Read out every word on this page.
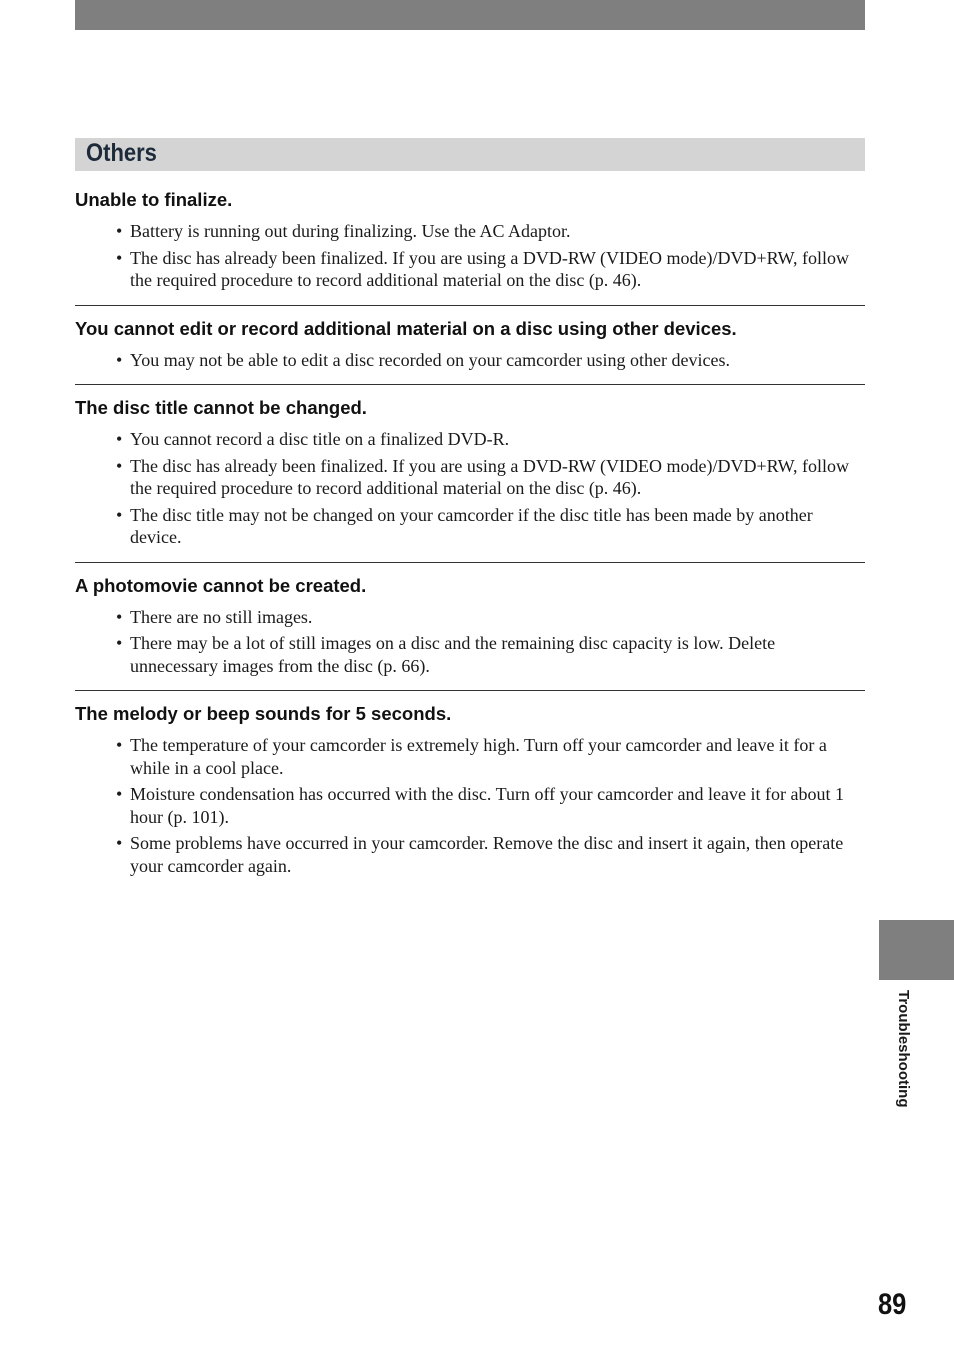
Others
Unable to finalize.
• Battery is running out during finalizing. Use the AC Adaptor.
• The disc has already been finalized. If you are using a DVD-RW (VIDEO mode)/DVD+RW, follow the required procedure to record additional material on the disc (p. 46).
You cannot edit or record additional material on a disc using other devices.
• You may not be able to edit a disc recorded on your camcorder using other devices.
The disc title cannot be changed.
• You cannot record a disc title on a finalized DVD-R.
• The disc has already been finalized. If you are using a DVD-RW (VIDEO mode)/DVD+RW, follow the required procedure to record additional material on the disc (p. 46).
• The disc title may not be changed on your camcorder if the disc title has been made by another device.
A photomovie cannot be created.
• There are no still images.
• There may be a lot of still images on a disc and the remaining disc capacity is low. Delete unnecessary images from the disc (p. 66).
The melody or beep sounds for 5 seconds.
• The temperature of your camcorder is extremely high. Turn off your camcorder and leave it for a while in a cool place.
• Moisture condensation has occurred with the disc. Turn off your camcorder and leave it for about 1 hour (p. 101).
• Some problems have occurred in your camcorder. Remove the disc and insert it again, then operate your camcorder again.
Troubleshooting
89
